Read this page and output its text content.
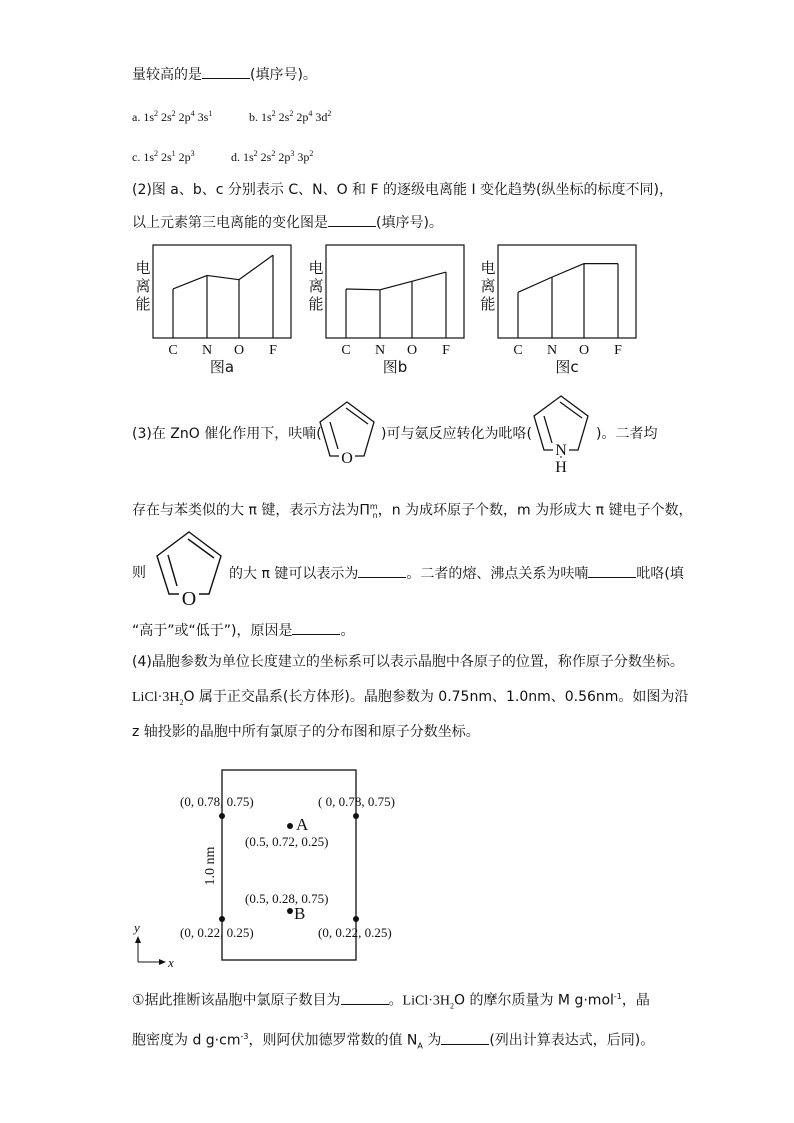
量较高的是	(填序号)。
a. $1s^2$ $2s^2$ $2p^4$ $3s^1$	b. $1s^2$ $2s^2$ $2p^4$ $3d^2$
c. $1s^2$ $2s^1$ $2p^3$	d. $1s^2$ $2s^2$ $2p^3$ $3p^2$
(2)图 a、b、c 分别表示 C、N、O 和 F 的逐级电离能 I 变化趋势(纵坐标的标度不同)，
以上元素第三电离能的变化图是	(填序号)。
C N O F
电
离
能
图a
C N O F
电
离
能
图b
C N O F
电
离
能
图c
(3)在 ZnO 催化作用下，呋喃(
O
)可与氨反应转化为吡咯(
N
H
)。二者均
存在与苯类似的大 π 键，表示方法为$\Pi^m_n$，n 为成环原子个数，m 为形成大 π 键电子个数，
则
O
的大 π 键可以表示为	。二者的熔、沸点关系为呋喃	吡咯(填
“高于”或“低于”)，原因是	。
(4)晶胞参数为单位长度建立的坐标系可以表示晶胞中各原子的位置，称作原子分数坐标。
$LiCl\cdot 3H_2O$ 属于正交晶系(长方体形)。晶胞参数为 0.75nm、1.0nm、0.56nm。如图为沿
z 轴投影的晶胞中所有氯原子的分布图和原子分数坐标。
(0, 0.78, 0.75)	( 0, 0.78, 0.75)
A
(0.5, 0.72, 0.25)
(0.5, 0.28, 0.75)
B
(0, 0.22, 0.25)	(0, 0.22, 0.25)
1.0 nm
y
x
①据此推断该晶胞中氯原子数目为	。$LiCl\cdot 3H_2O$ 的摩尔质量为 M g·mol$^{-1}$，晶
胞密度为 d $g\cdot cm^{-3}$，则阿伏加德罗常数的值 $N_A$ 为	(列出计算表达式，后同)。
